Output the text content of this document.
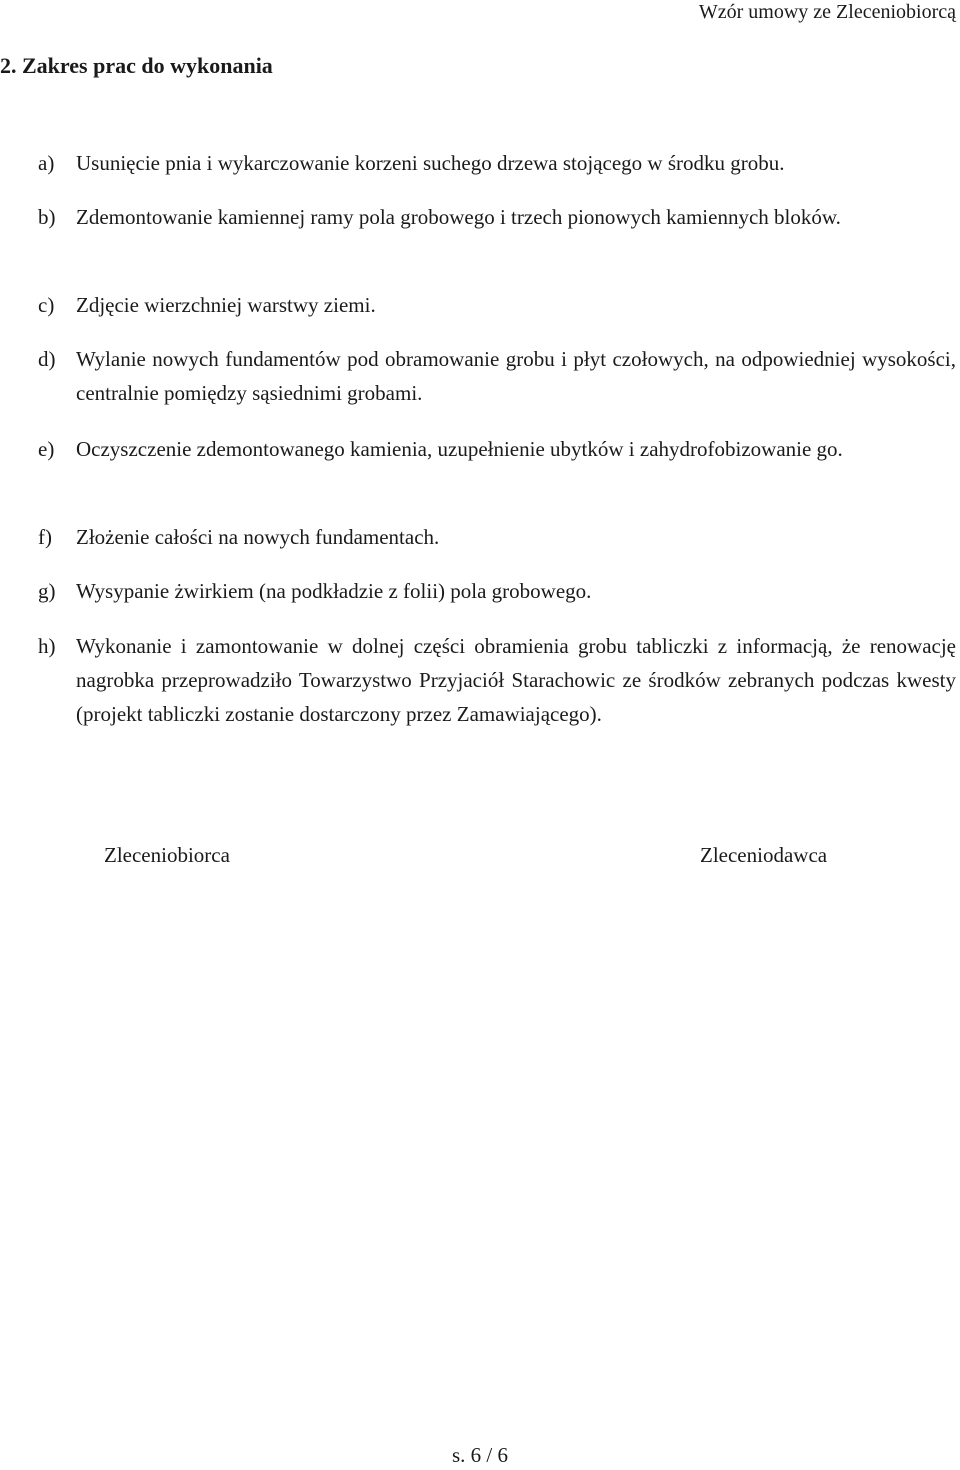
Wzór umowy ze Zleceniobiorcą
2. Zakres prac do wykonania
a) Usunięcie pnia i wykarczowanie korzeni suchego drzewa stojącego w środku grobu.
b) Zdemontowanie kamiennej ramy pola grobowego i trzech pionowych kamiennych bloków.
c) Zdjęcie wierzchniej warstwy ziemi.
d) Wylanie nowych fundamentów pod obramowanie grobu i płyt czołowych, na odpowiedniej wysokości, centralnie pomiędzy sąsiednimi grobami.
e) Oczyszczenie zdemontowanego kamienia, uzupełnienie ubytków i zahydrofobizowanie go.
f) Złożenie całości na nowych fundamentach.
g) Wysypanie żwirkiem (na podkładzie z folii) pola grobowego.
h) Wykonanie i zamontowanie w dolnej części obramienia grobu tabliczki z informacją, że renowację nagrobka przeprowadziło Towarzystwo Przyjaciół Starachowic ze środków zebranych podczas kwesty (projekt tabliczki zostanie dostarczony przez Zamawiającego).
Zleceniobiorca	Zleceniodawca
s. 6 / 6
